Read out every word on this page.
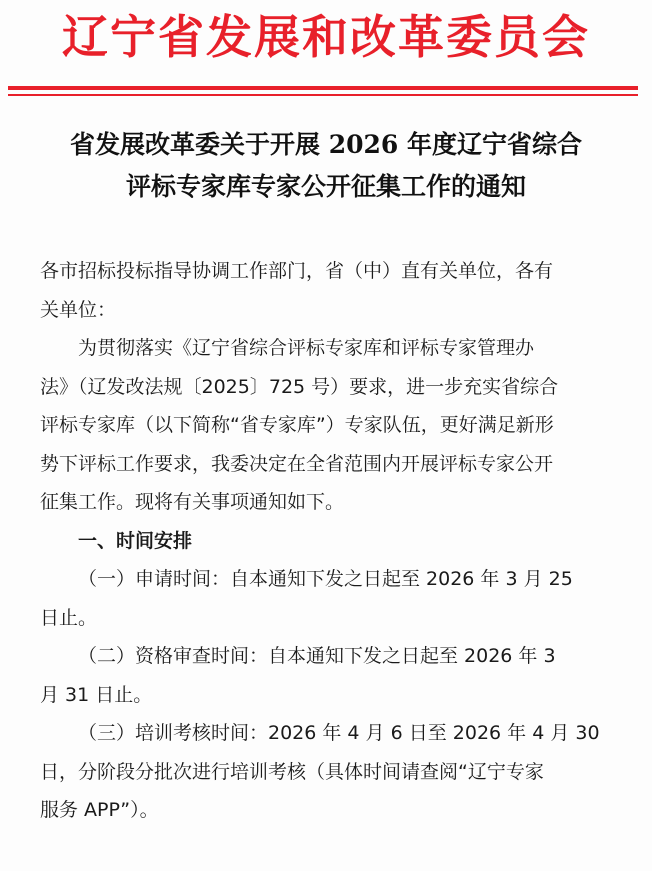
辽宁省发展和改革委员会
省发展改革委关于开展 2026 年度辽宁省综合
评标专家库专家公开征集工作的通知
各市招标投标指导协调工作部门，省（中）直有关单位，各有
关单位：
为贯彻落实《辽宁省综合评标专家库和评标专家管理办
法》（辽发改法规〔2025〕725 号）要求，进一步充实省综合
评标专家库（以下简称“省专家库”）专家队伍，更好满足新形
势下评标工作要求，我委决定在全省范围内开展评标专家公开
征集工作。现将有关事项通知如下。
一、时间安排
（一）申请时间：自本通知下发之日起至 2026 年 3 月 25
日止。
（二）资格审查时间：自本通知下发之日起至 2026 年 3
月 31 日止。
（三）培训考核时间：2026 年 4 月 6 日至 2026 年 4 月 30
日，分阶段分批次进行培训考核（具体时间请查阅“辽宁专家
服务 APP”）。
